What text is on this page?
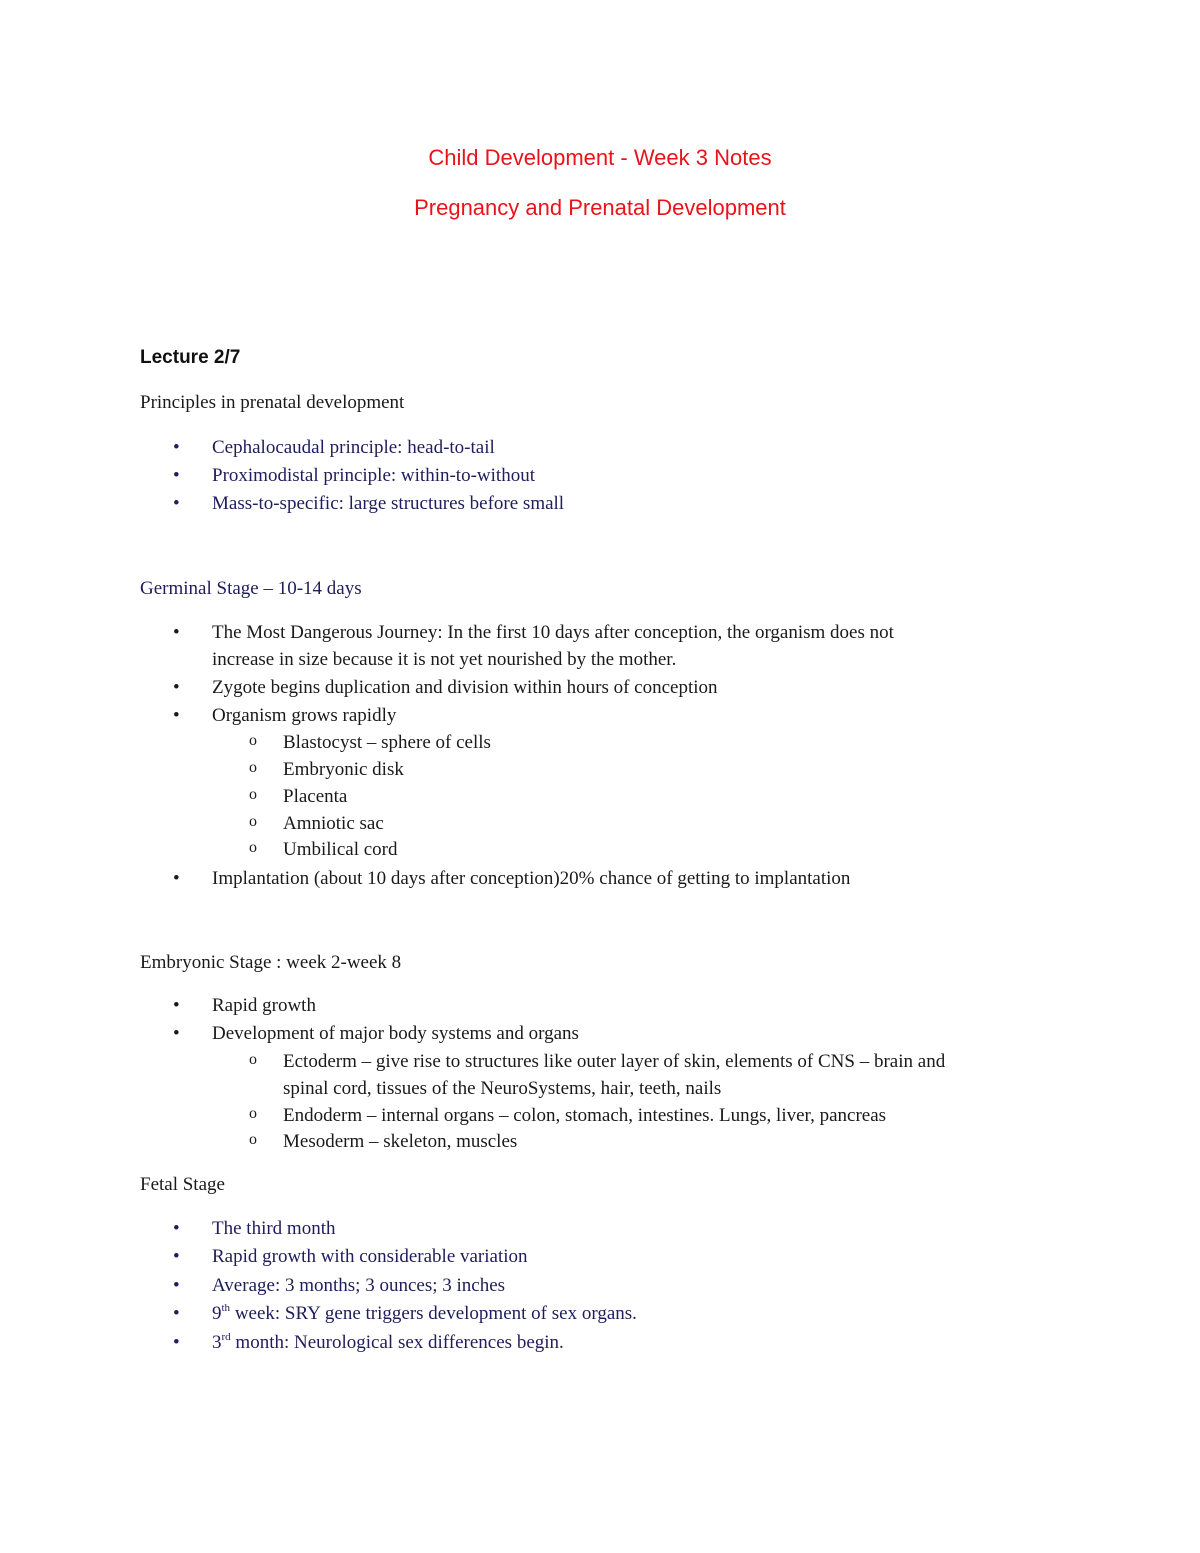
Child Development - Week 3 Notes
Pregnancy and Prenatal Development
Lecture 2/7
Principles in prenatal development
• Cephalocaudal principle: head-to-tail
• Proximodistal principle: within-to-without
• Mass-to-specific: large structures before small
Germinal Stage – 10-14 days
• The Most Dangerous Journey: In the first 10 days after conception, the organism does not
increase in size because it is not yet nourished by the mother.
• Zygote begins duplication and division within hours of conception
• Organism grows rapidly
o Blastocyst – sphere of cells
o Embryonic disk
o Placenta
o Amniotic sac
o Umbilical cord
• Implantation (about 10 days after conception)20% chance of getting to implantation
Embryonic Stage : week 2-week 8
• Rapid growth
• Development of major body systems and organs
o Ectoderm – give rise to structures like outer layer of skin, elements of CNS – brain and
spinal cord, tissues of the NeuroSystems, hair, teeth, nails
o Endoderm – internal organs – colon, stomach, intestines. Lungs, liver, pancreas
o Mesoderm – skeleton, muscles
Fetal Stage
• The third month
• Rapid growth with considerable variation
• Average: 3 months; 3 ounces; 3 inches
• 9th week: SRY gene triggers development of sex organs.
• 3rd month: Neurological sex differences begin.
